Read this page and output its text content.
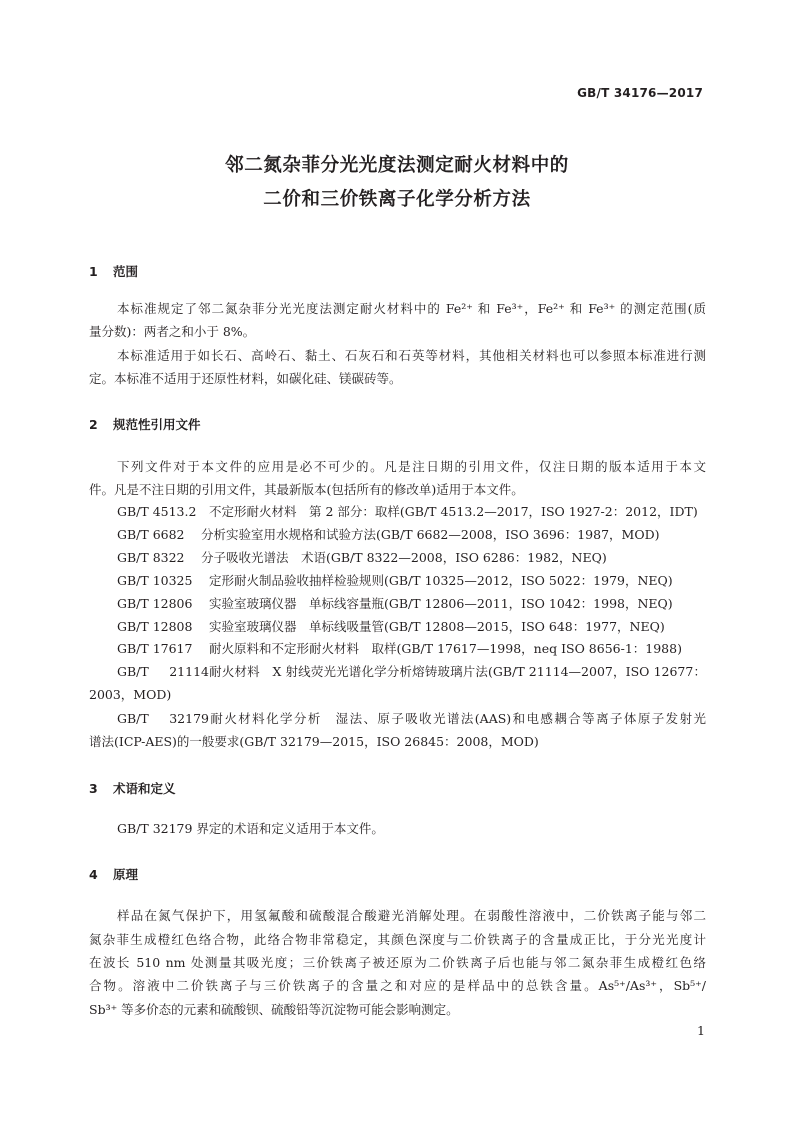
GB/T 34176—2017
邻二氮杂菲分光光度法测定耐火材料中的
二价和三价铁离子化学分析方法
1 范围
本标准规定了邻二氮杂菲分光光度法测定耐火材料中的 Fe²⁺ 和 Fe³⁺，Fe²⁺ 和 Fe³⁺ 的测定范围(质
量分数)：两者之和小于 8%。
本标准适用于如长石、高岭石、黏土、石灰石和石英等材料，其他相关材料也可以参照本标准进行测
定。本标准不适用于还原性材料，如碳化硅、镁碳砖等。
2 规范性引用文件
下列文件对于本文件的应用是必不可少的。凡是注日期的引用文件，仅注日期的版本适用于本文
件。凡是不注日期的引用文件，其最新版本(包括所有的修改单)适用于本文件。
GB/T 4513.2 不定形耐火材料　第 2 部分：取样(GB/T 4513.2—2017，ISO 1927-2：2012，IDT)
GB/T 6682 分析实验室用水规格和试验方法(GB/T 6682—2008，ISO 3696：1987，MOD)
GB/T 8322 分子吸收光谱法　术语(GB/T 8322—2008，ISO 6286：1982，NEQ)
GB/T 10325 定形耐火制品验收抽样检验规则(GB/T 10325—2012，ISO 5022：1979，NEQ)
GB/T 12806 实验室玻璃仪器　单标线容量瓶(GB/T 12806—2011，ISO 1042：1998，NEQ)
GB/T 12808 实验室玻璃仪器　单标线吸量管(GB/T 12808—2015，ISO 648：1977，NEQ)
GB/T 17617 耐火原料和不定形耐火材料　取样(GB/T 17617—1998，neq ISO 8656-1：1988)
GB/T 21114耐火材料　X 射线荧光光谱化学分析熔铸玻璃片法(GB/T 21114—2007，ISO 12677：
2003，MOD)
GB/T 32179耐火材料化学分析　湿法、原子吸收光谱法(AAS)和电感耦合等离子体原子发射光
谱法(ICP-AES)的一般要求(GB/T 32179—2015，ISO 26845：2008，MOD)
3 术语和定义
GB/T 32179 界定的术语和定义适用于本文件。
4 原理
样品在氮气保护下，用氢氟酸和硫酸混合酸避光消解处理。在弱酸性溶液中，二价铁离子能与邻二
氮杂菲生成橙红色络合物，此络合物非常稳定，其颜色深度与二价铁离子的含量成正比，于分光光度计
在波长 510 nm 处测量其吸光度；三价铁离子被还原为二价铁离子后也能与邻二氮杂菲生成橙红色络
合物。溶液中二价铁离子与三价铁离子的含量之和对应的是样品中的总铁含量。As⁵⁺/As³⁺，Sb⁵⁺/
Sb³⁺ 等多价态的元素和硫酸钡、硫酸铅等沉淀物可能会影响测定。
1
